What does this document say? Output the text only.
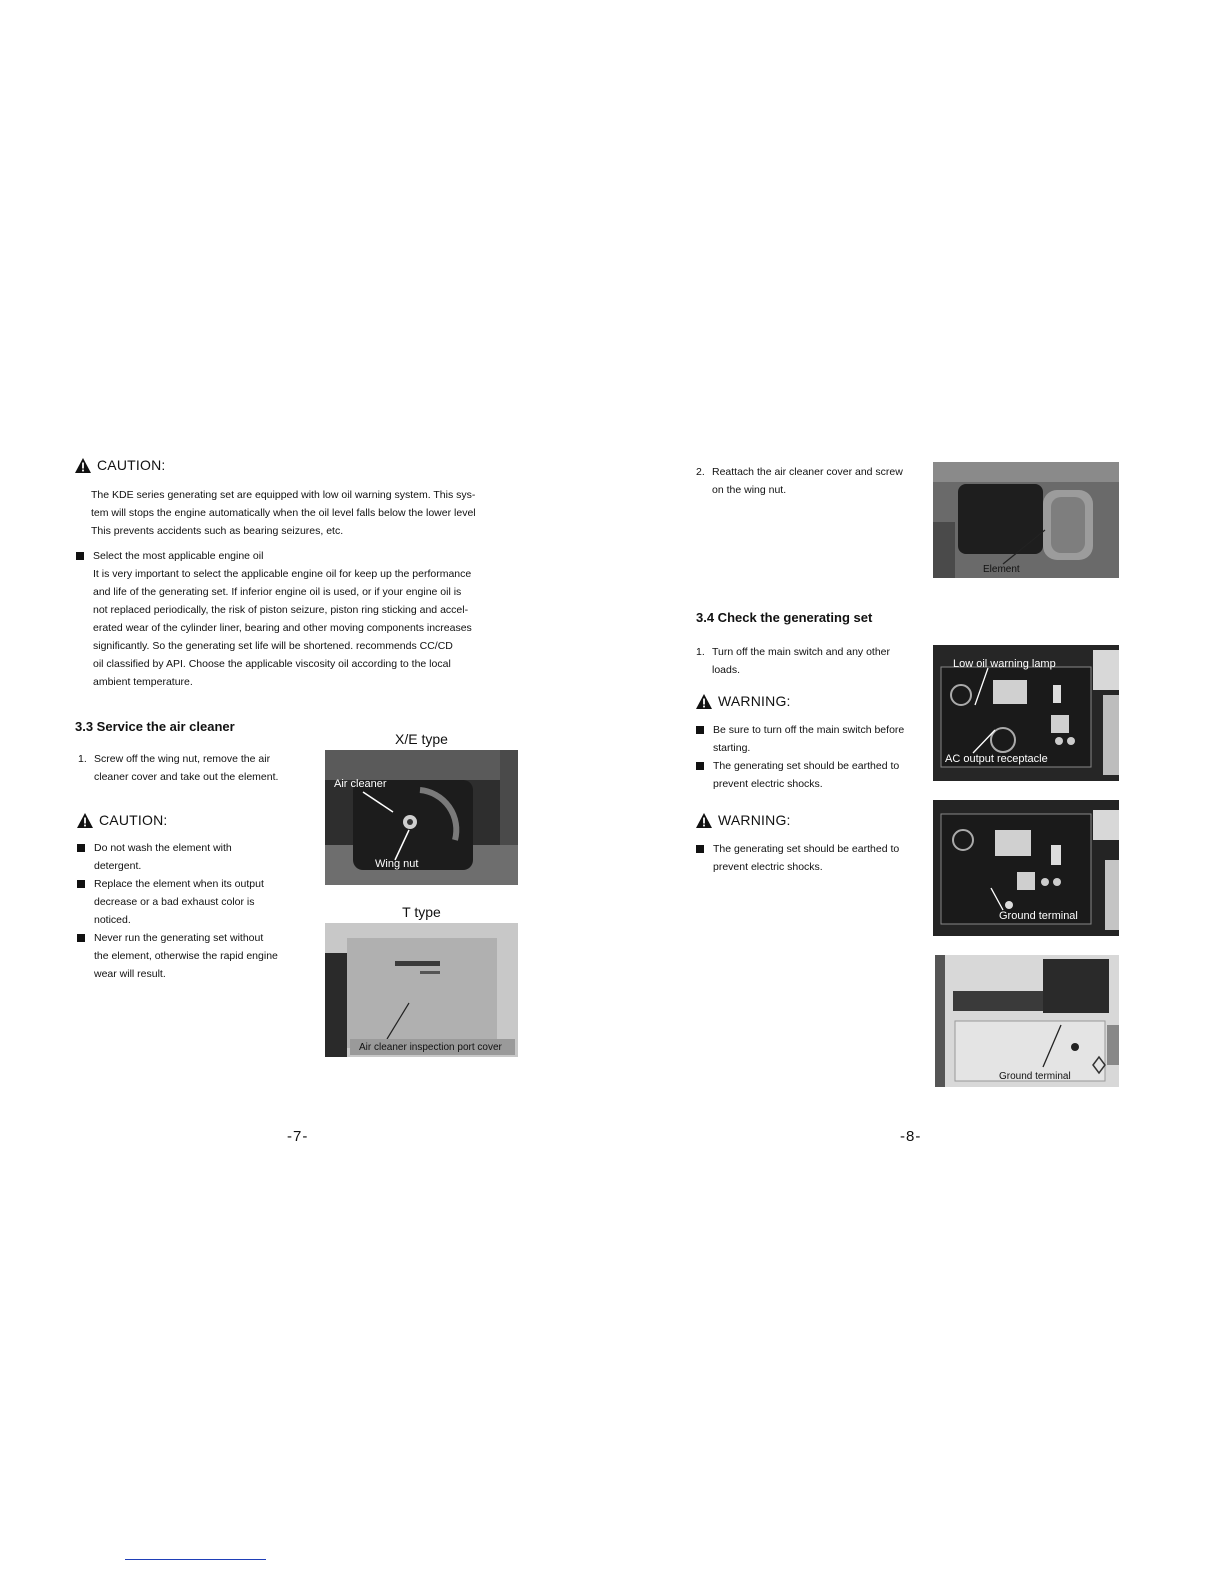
CAUTION:
The KDE series generating set are equipped with low oil warning system. This sys-
tem will stops the engine automatically when the oil level falls below the lower level
This prevents accidents such as bearing seizures, etc.
Select the most applicable engine oil
It is very important to select the applicable engine oil for keep up the performance
and life of the generating set. If inferior engine oil is used, or if your engine oil is
not replaced periodically, the risk of piston seizure, piston ring sticking and accel-
erated wear of the cylinder liner, bearing and other moving components increases
significantly. So the generating set life will be shortened. recommends CC/CD
oil classified by API. Choose the applicable viscosity oil according to the local
ambient temperature.
3.3 Service the air cleaner
1. Screw off the wing nut, remove the air
cleaner cover and take out the element.
CAUTION:
Do not wash the element with
detergent.
Replace the element when its output
decrease or a bad exhaust color is
noticed.
Never run the generating set without
the element, otherwise the rapid engine
wear will result.
X/E type
Air cleaner
Wing nut
T type
Air cleaner inspection port cover
-7-
2. Reattach the air cleaner cover and screw
on the wing nut.
Element
3.4 Check the generating set
1. Turn off the main switch and any other
loads.
WARNING:
Be sure to turn off the main switch before
starting.
The generating set should be earthed to
prevent electric shocks.
WARNING:
The generating set should be earthed to
prevent electric shocks.
Low oil warning lamp
AC output receptacle
Ground terminal
Ground terminal
-8-
